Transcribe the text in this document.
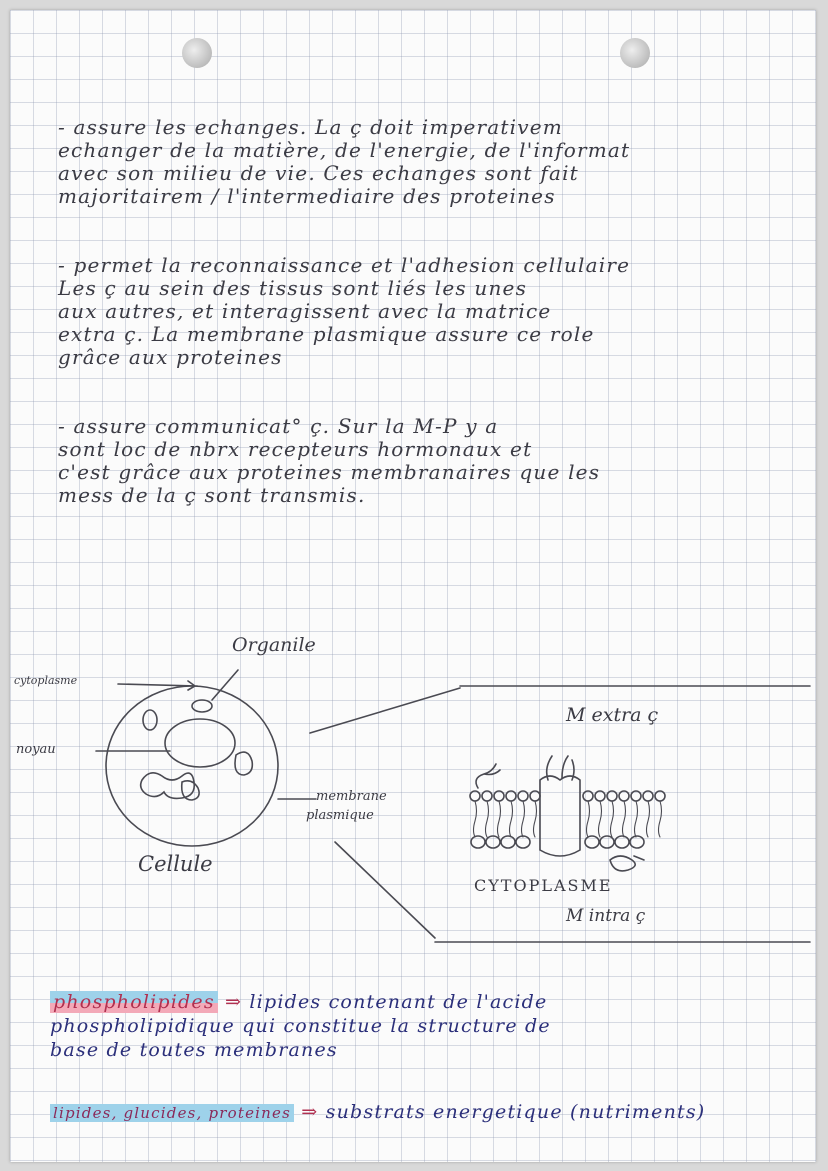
- assure les echanges. La ç doit imperativem
echanger de la matière, de l'energie, de l'informat
avec son milieu de vie. Ces echanges sont fait
majoritairem / l'intermediaire des proteines
- permet la reconnaissance et l'adhesion cellulaire
Les ç au sein des tissus sont liés les unes
aux autres, et interagissent avec la matrice
extra ç. La membrane plasmique assure ce role
grâce aux proteines
- assure communicat° ç. Sur la M-P y a
sont loc de nbrx recepteurs hormonaux et
c'est grâce aux proteines membranaires que les
mess de la ç sont transmis.
Organile
cytoplasme
noyau
membrane
plasmique
Cellule
M extra ç
CYTOPLASME
M intra ç
phospholipides ⇒ lipides contenant de l'acide
phospholipidique qui constitue la structure de
base de toutes membranes
lipides, glucides, proteines ⇒ substrats energetique (nutriments)
